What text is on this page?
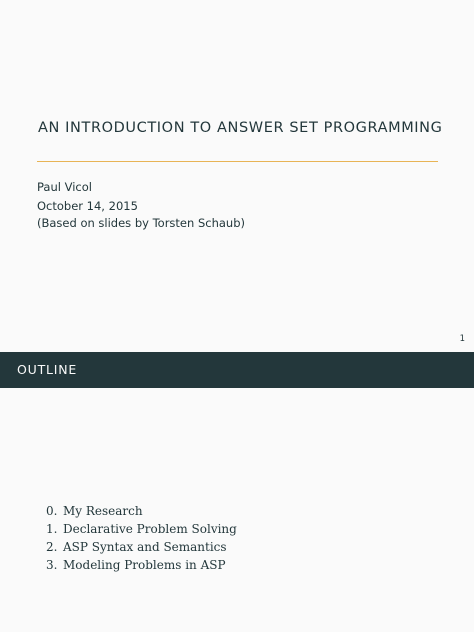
AN INTRODUCTION TO ANSWER SET PROGRAMMING
Paul Vicol
October 14, 2015
(Based on slides by Torsten Schaub)
1
OUTLINE
0. My Research
1. Declarative Problem Solving
2. ASP Syntax and Semantics
3. Modeling Problems in ASP
